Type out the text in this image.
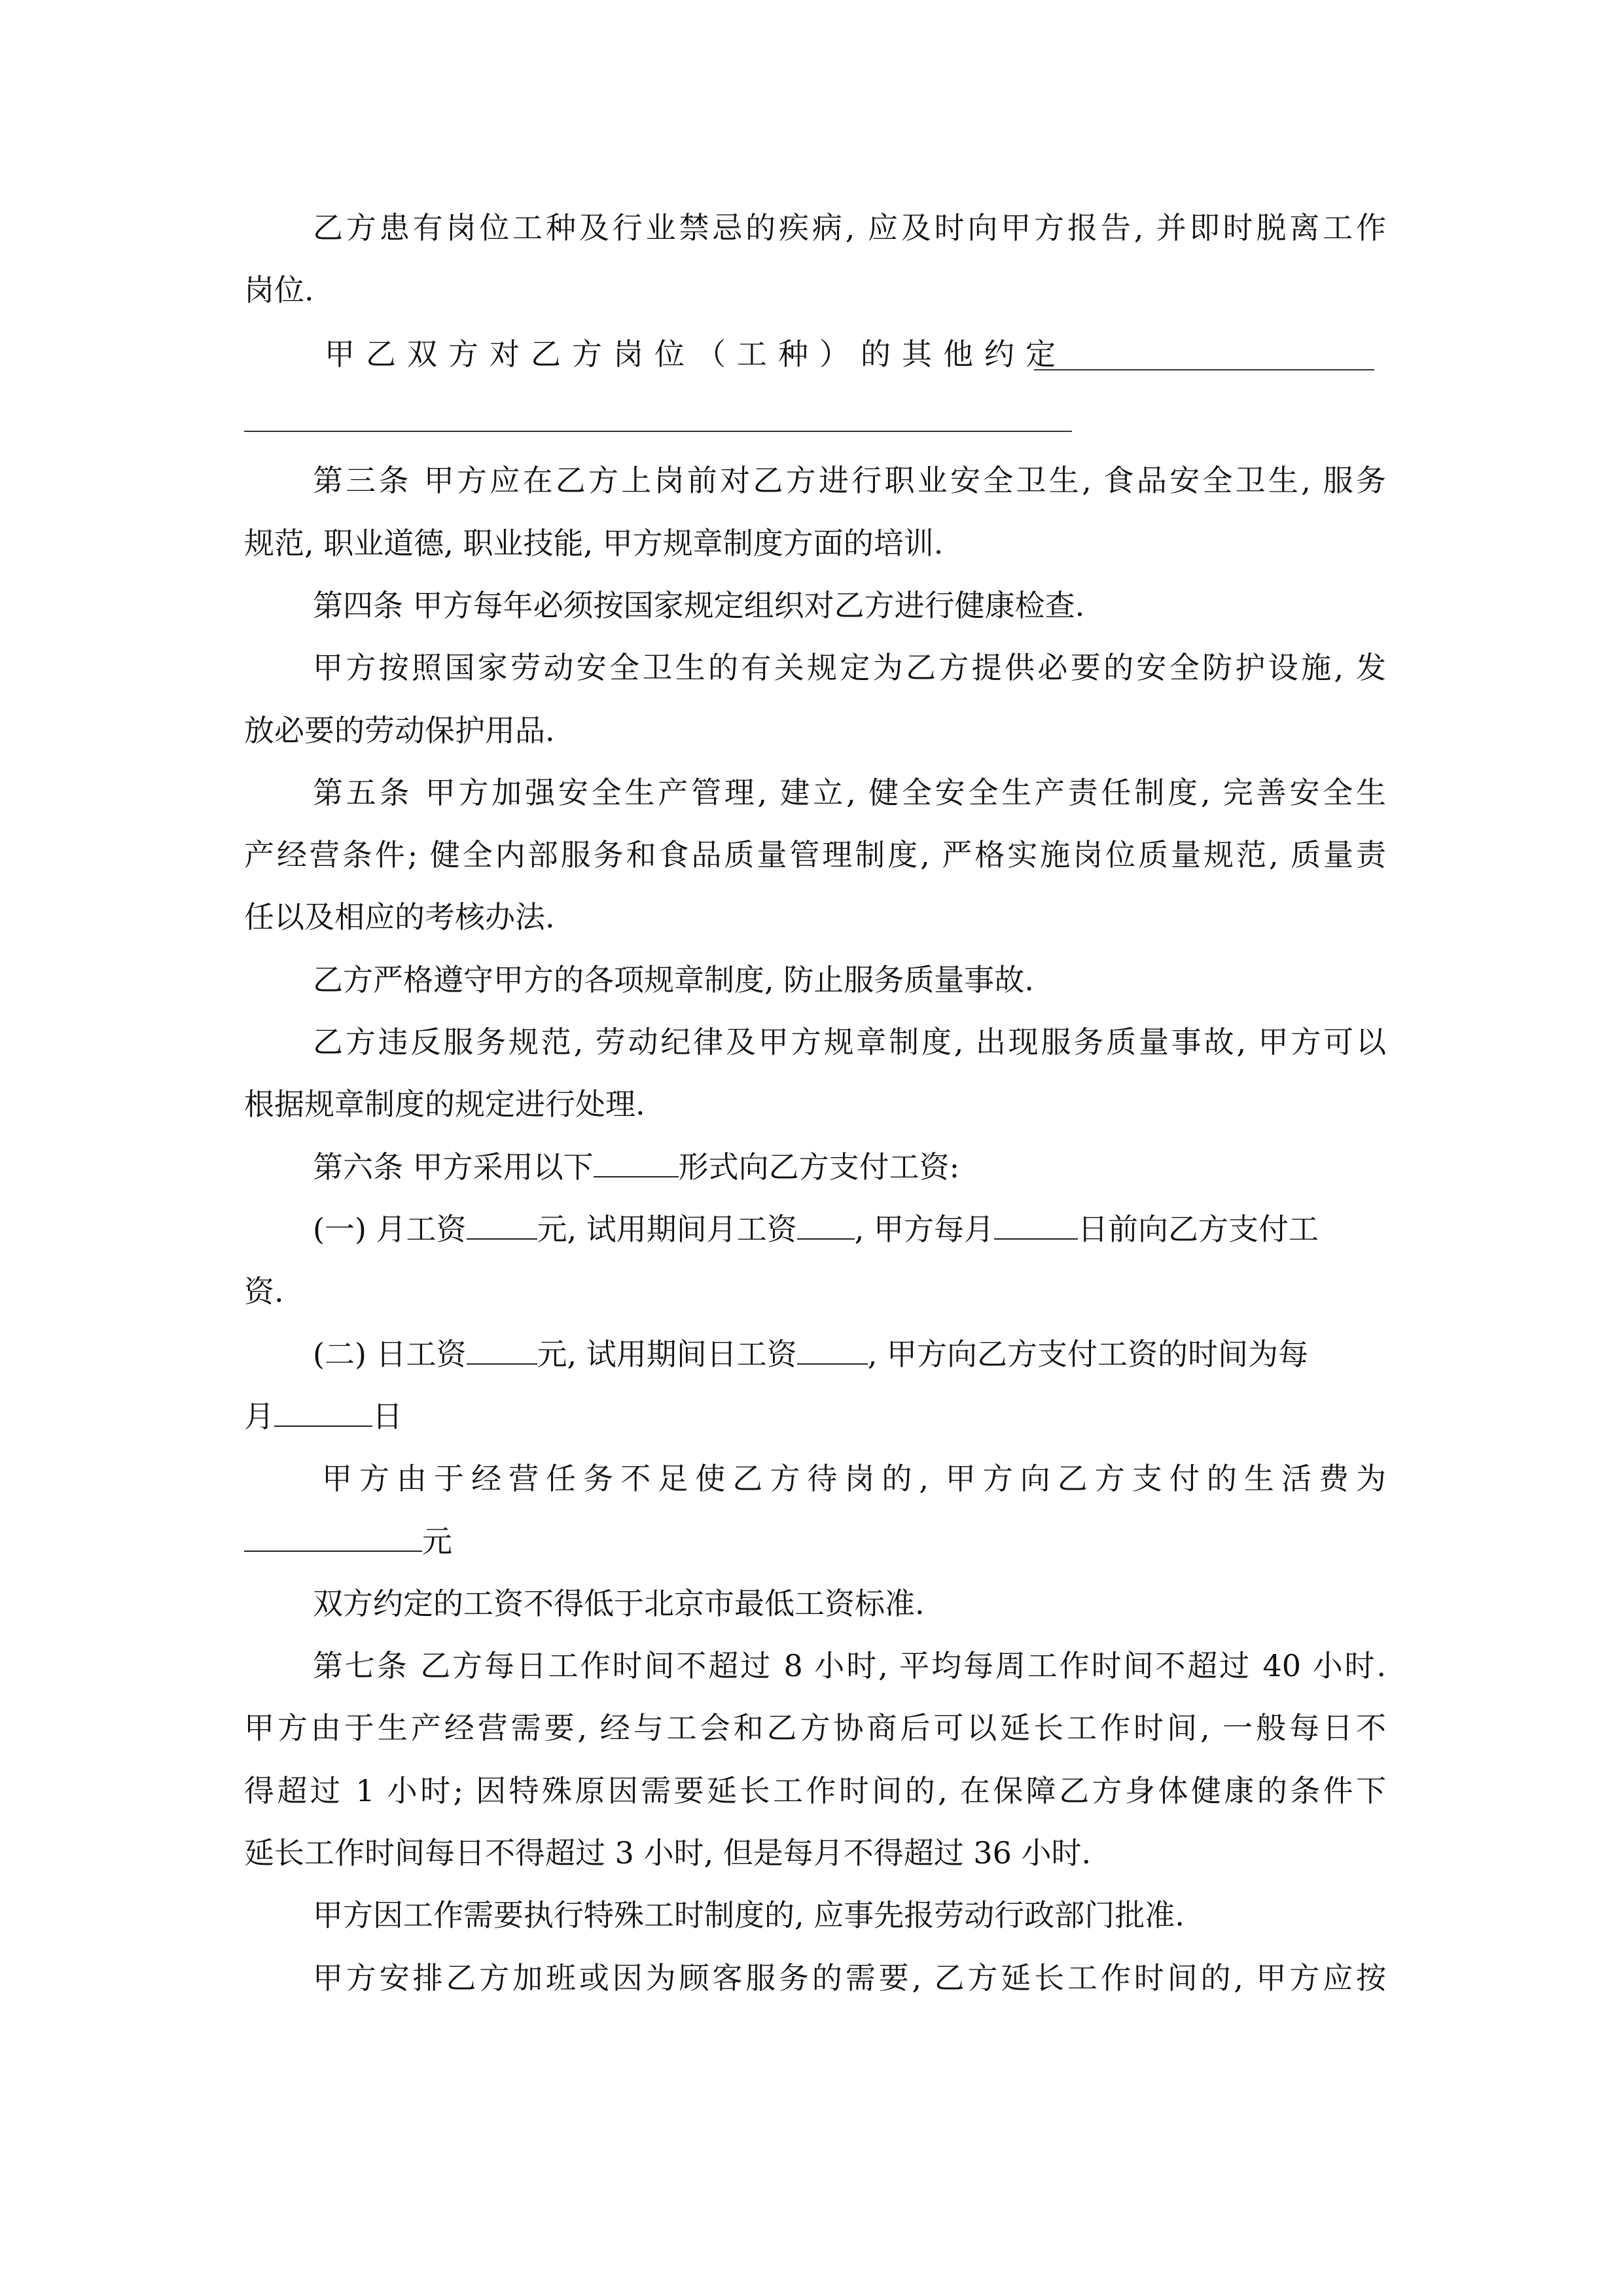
乙方患有岗位工种及行业禁忌的疾病, 应及时向甲方报告, 并即时脱离工作

岗位.

甲乙双方对乙方岗位（工种）的其他约定

第三条 甲方应在乙方上岗前对乙方进行职业安全卫生, 食品安全卫生, 服务

规范, 职业道德, 职业技能, 甲方规章制度方面的培训.

第四条 甲方每年必须按国家规定组织对乙方进行健康检查.

甲方按照国家劳动安全卫生的有关规定为乙方提供必要的安全防护设施, 发

放必要的劳动保护用品.

第五条 甲方加强安全生产管理, 建立, 健全安全生产责任制度, 完善安全生

产经营条件; 健全内部服务和食品质量管理制度, 严格实施岗位质量规范, 质量责

任以及相应的考核办法.

乙方严格遵守甲方的各项规章制度, 防止服务质量事故.

乙方违反服务规范, 劳动纪律及甲方规章制度, 出现服务质量事故, 甲方可以

根据规章制度的规定进行处理.

第六条 甲方采用以下	形式向乙方支付工资:

(一) 月工资 元, 试用期间月工资 , 甲方每月	日前向乙方支付工

资.

(二) 日工资 元, 试用期间日工资 , 甲方向乙方支付工资的时间为每

月	日

甲方由于经营任务不足使乙方待岗的, 甲方向乙方支付的生活费为

元

双方约定的工资不得低于北京市最低工资标准.

第七条 乙方每日工作时间不超过 8 小时, 平均每周工作时间不超过 40 小时.

甲方由于生产经营需要, 经与工会和乙方协商后可以延长工作时间, 一般每日不

得超过 1 小时; 因特殊原因需要延长工作时间的, 在保障乙方身体健康的条件下

延长工作时间每日不得超过 3 小时, 但是每月不得超过 36 小时.

甲方因工作需要执行特殊工时制度的, 应事先报劳动行政部门批准.

甲方安排乙方加班或因为顾客服务的需要, 乙方延长工作时间的, 甲方应按
